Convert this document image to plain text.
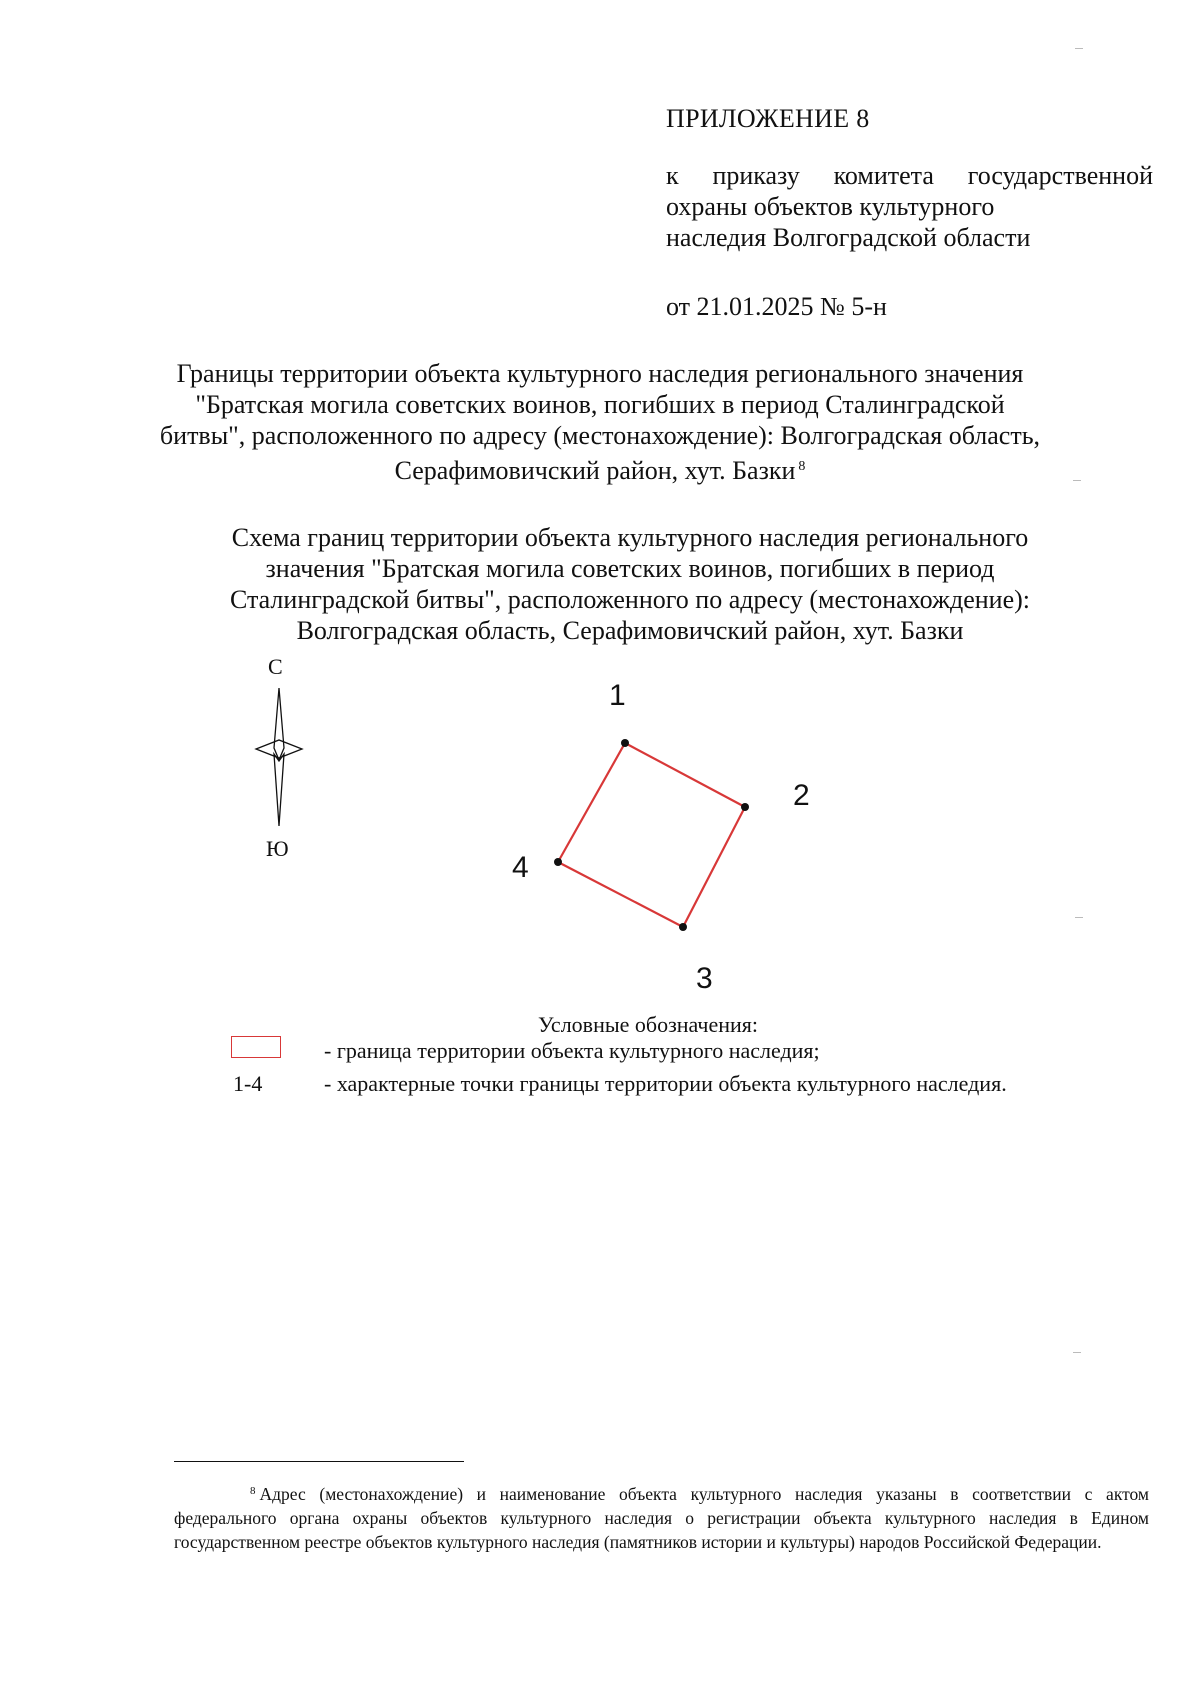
ПРИЛОЖЕНИЕ 8
к приказу комитета государственной
охраны объектов культурного
наследия Волгоградской области
от 21.01.2025 № 5-н
Границы территории объекта культурного наследия регионального значения
"Братская могила советских воинов, погибших в период Сталинградской
битвы", расположенного по адресу (местонахождение): Волгоградская область,
Серафимовичский район, хут. Базки $^8$
Схема границ территории объекта культурного наследия регионального
значения "Братская могила советских воинов, погибших в период
Сталинградской битвы", расположенного по адресу (местонахождение):
Волгоградская область, Серафимовичский район, хут. Базки
С
Ю
1
2
3
4
Условные обозначения:
- граница территории объекта культурного наследия;
1-4	- характерные точки границы территории объекта культурного наследия.
$^8$ Адрес (местонахождение) и наименование объекта культурного наследия указаны в соответствии с актом федерального органа охраны объектов культурного наследия о регистрации объекта культурного наследия в Едином государственном реестре объектов культурного наследия (памятников истории и культуры) народов Российской Федерации.
